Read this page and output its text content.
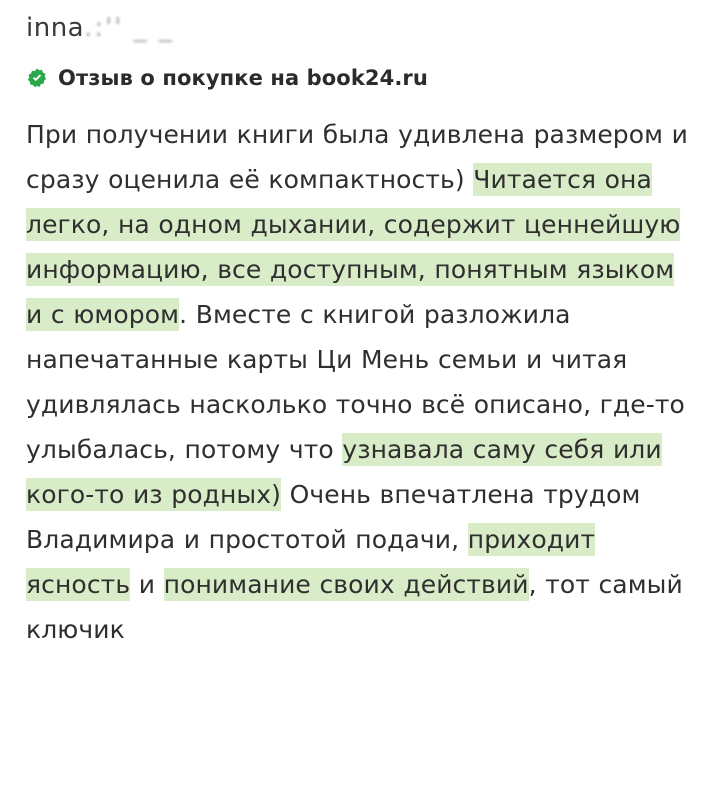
inna.:'' _ _
Отзыв о покупке на book24.ru
При получении книги была удивлена размером и сразу оценила её компактность) Читается она легко, на одном дыхании, содержит ценнейшую информацию, все доступным, понятным языком и с юмором. Вместе с книгой разложила напечатанные карты Ци Мень семьи и читая удивлялась насколько точно всё описано, где-то улыбалась, потому что узнавала саму себя или кого-то из родных) Очень впечатлена трудом Владимира и простотой подачи, приходит ясность и понимание своих действий, тот самый ключик
